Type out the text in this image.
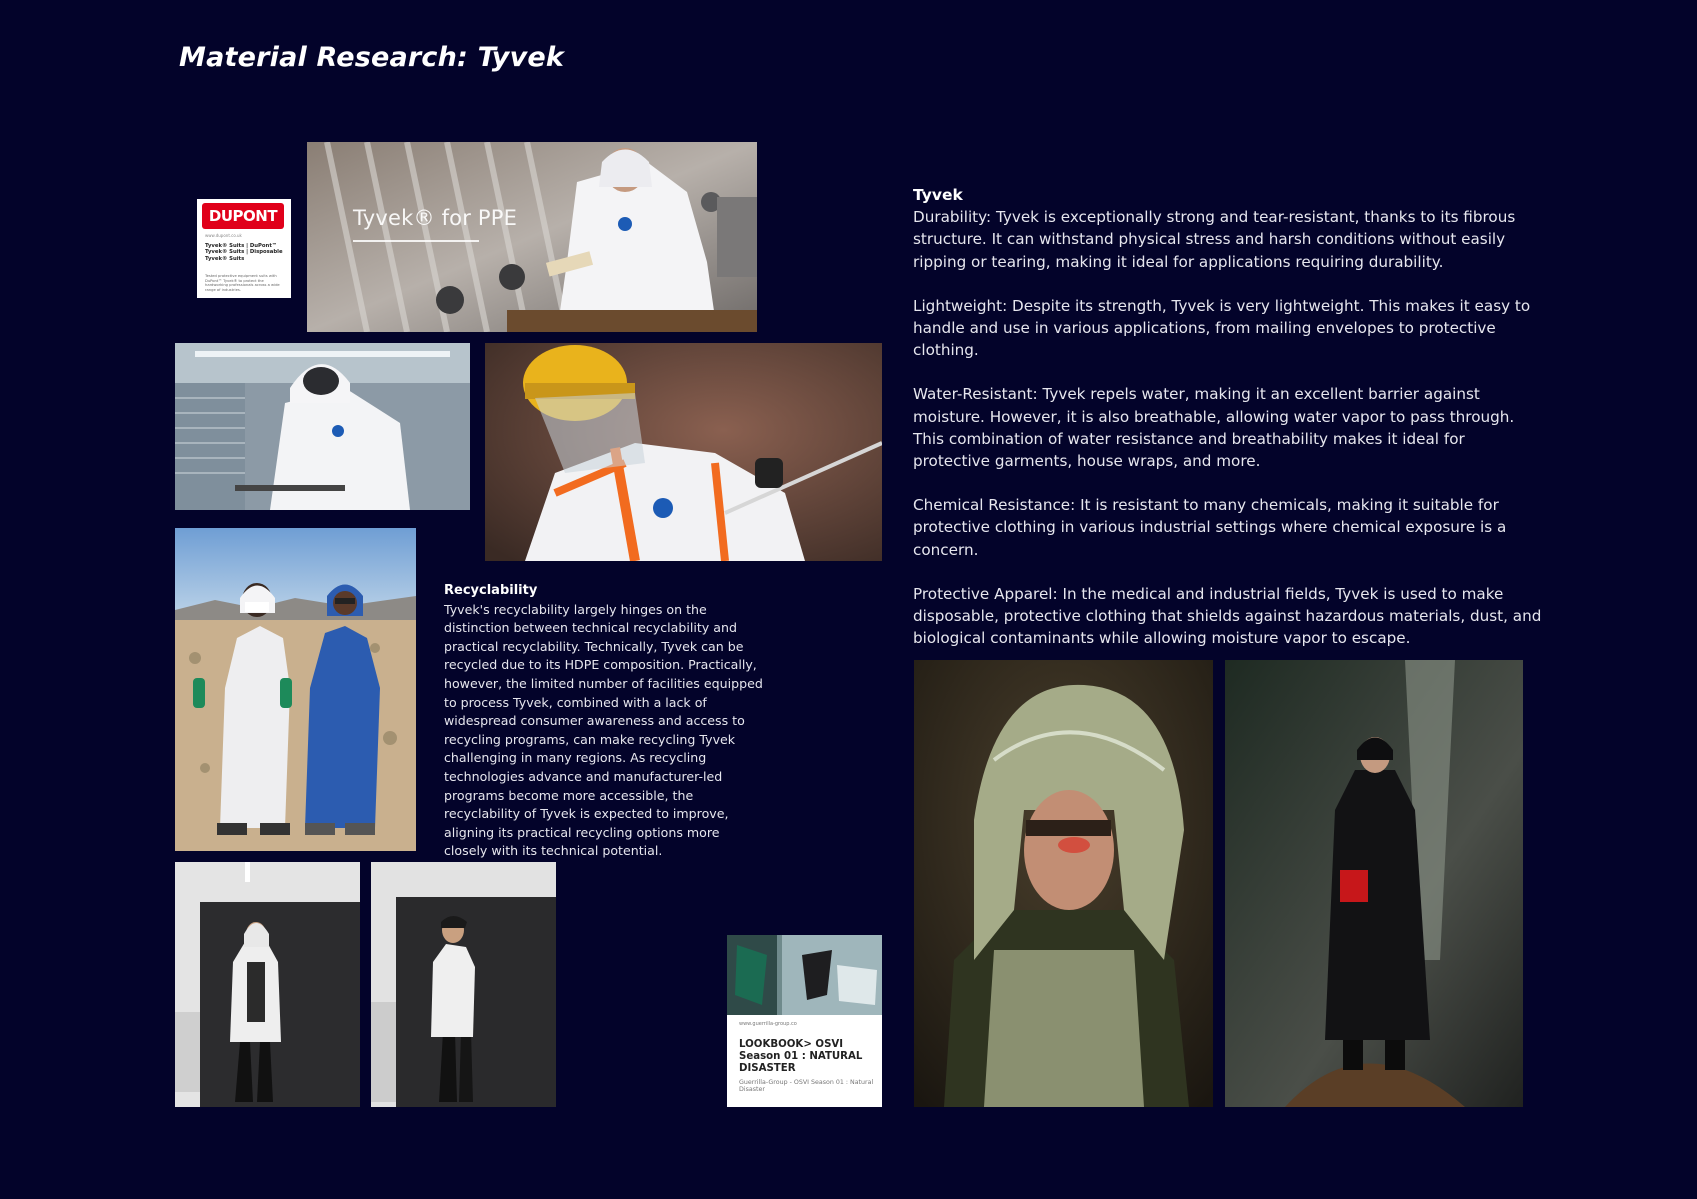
Material Research: Tyvek
DUPONT
www.dupont.co.uk
Tyvek® Suits | DuPont™ Tyvek® Suits | Disposable Tyvek® Suits
Tested protective equipment suits with DuPont™ Tyvek® to protect the hardworking professionals across a wide range of industries.
Tyvek® for PPE
Recyclability

Tyvek's recyclability largely hinges on the distinction between technical recyclability and practical recyclability. Technically, Tyvek can be recycled due to its HDPE composition. Practically, however, the limited number of facilities equipped to process Tyvek, combined with a lack of widespread consumer awareness and access to recycling programs, can make recycling Tyvek challenging in many regions. As recycling technologies advance and manufacturer-led programs become more accessible, the recyclability of Tyvek is expected to improve, aligning its practical recycling options more closely with its technical potential.

Tyvek

Durability: Tyvek is exceptionally strong and tear-resistant, thanks to its fibrous structure. It can withstand physical stress and harsh conditions without easily ripping or tearing, making it ideal for applications requiring durability.

Lightweight: Despite its strength, Tyvek is very lightweight. This makes it easy to handle and use in various applications, from mailing envelopes to protective clothing.

Water-Resistant: Tyvek repels water, making it an excellent barrier against moisture. However, it is also breathable, allowing water vapor to pass through. This combination of water resistance and breathability makes it ideal for protective garments, house wraps, and more.

Chemical Resistance: It is resistant to many chemicals, making it suitable for protective clothing in various industrial settings where chemical exposure is a concern.

Protective Apparel: In the medical and industrial fields, Tyvek is used to make disposable, protective clothing that shields against hazardous materials, dust, and biological contaminants while allowing moisture vapor to escape.

www.guerrilla-group.co
LOOKBOOK> OSVI Season 01 : NATURAL DISASTER
Guerrilla-Group - OSVI Season 01 : Natural Disaster
